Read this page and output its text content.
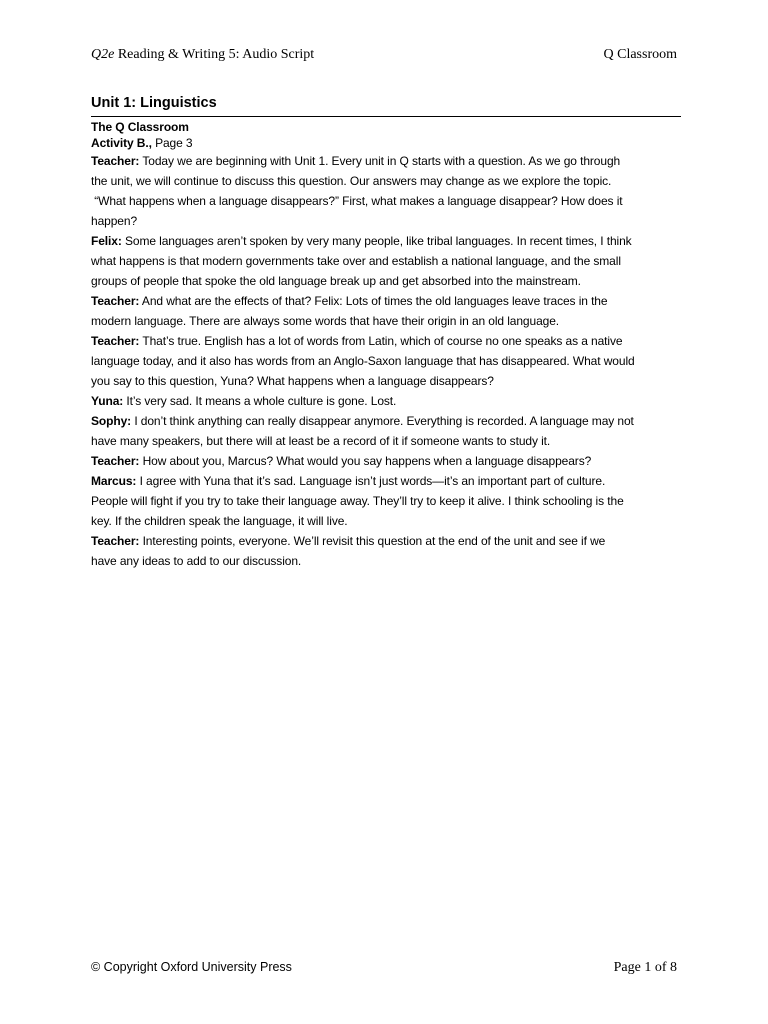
Q2e Reading & Writing 5: Audio Script	Q Classroom
Unit 1: Linguistics
The Q Classroom
Activity B., Page 3
Teacher: Today we are beginning with Unit 1. Every unit in Q starts with a question. As we go through
the unit, we will continue to discuss this question. Our answers may change as we explore the topic.
“What happens when a language disappears?” First, what makes a language disappear? How does it
happen?
Felix: Some languages aren’t spoken by very many people, like tribal languages. In recent times, I think
what happens is that modern governments take over and establish a national language, and the small
groups of people that spoke the old language break up and get absorbed into the mainstream.
Teacher: And what are the effects of that? Felix: Lots of times the old languages leave traces in the
modern language. There are always some words that have their origin in an old language.
Teacher: That’s true. English has a lot of words from Latin, which of course no one speaks as a native
language today, and it also has words from an Anglo-Saxon language that has disappeared. What would
you say to this question, Yuna? What happens when a language disappears?
Yuna: It’s very sad. It means a whole culture is gone. Lost.
Sophy: I don’t think anything can really disappear anymore. Everything is recorded. A language may not
have many speakers, but there will at least be a record of it if someone wants to study it.
Teacher: How about you, Marcus? What would you say happens when a language disappears?
Marcus: I agree with Yuna that it’s sad. Language isn’t just words—it’s an important part of culture.
People will fight if you try to take their language away. They’ll try to keep it alive. I think schooling is the
key. If the children speak the language, it will live.
Teacher: Interesting points, everyone. We’ll revisit this question at the end of the unit and see if we
have any ideas to add to our discussion.
© Copyright Oxford University Press	Page 1 of 8
